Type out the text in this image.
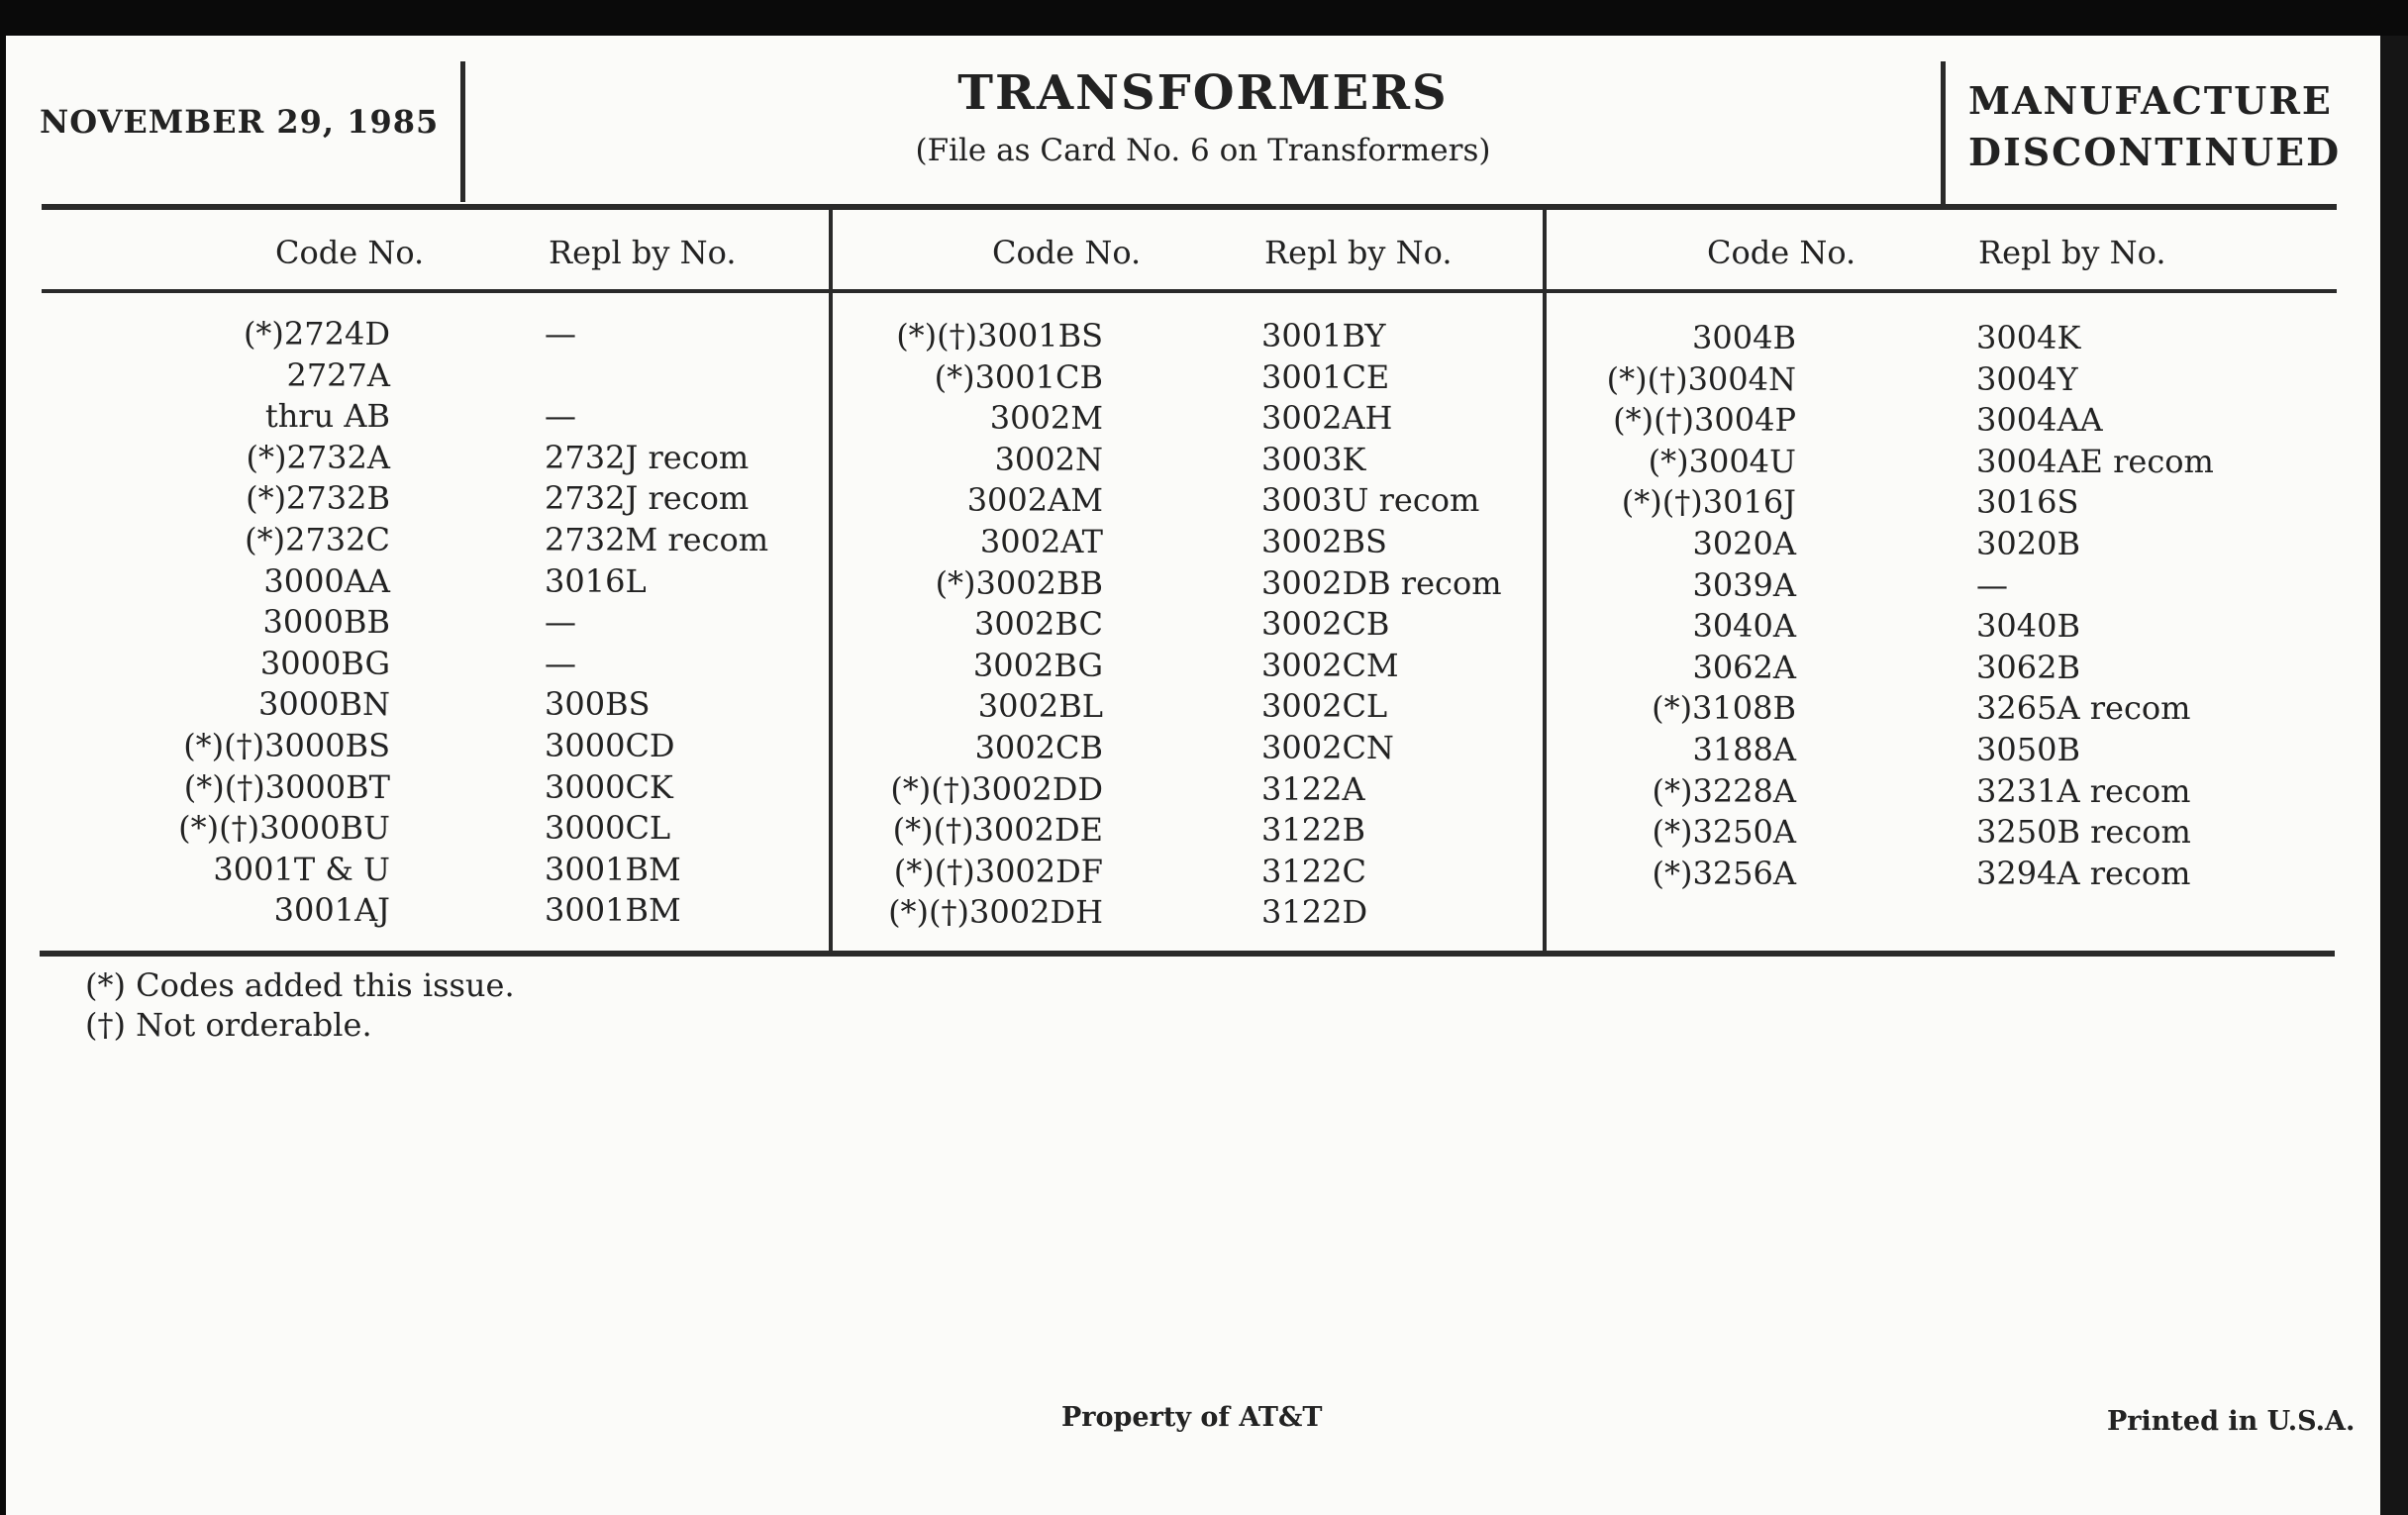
NOVEMBER 29, 1985
TRANSFORMERS
(File as Card No. 6 on Transformers)
MANUFACTURE
DISCONTINUED
Code No.	Repl by No.	Code No.	Repl by No.	Code No.	Repl by No.
(*)2724D	—
2727A
thru AB	—
(*)2732A	2732J recom
(*)2732B	2732J recom
(*)2732C	2732M recom
3000AA	3016L
3000BB	—
3000BG	—
3000BN	300BS
(*)(†)3000BS	3000CD
(*)(†)3000BT	3000CK
(*)(†)3000BU	3000CL
3001T & U	3001BM
3001AJ	3001BM
(*)(†)3001BS	3001BY
(*)3001CB	3001CE
3002M	3002AH
3002N	3003K
3002AM	3003U recom
3002AT	3002BS
(*)3002BB	3002DB recom
3002BC	3002CB
3002BG	3002CM
3002BL	3002CL
3002CB	3002CN
(*)(†)3002DD	3122A
(*)(†)3002DE	3122B
(*)(†)3002DF	3122C
(*)(†)3002DH	3122D
3004B	3004K
(*)(†)3004N	3004Y
(*)(†)3004P	3004AA
(*)3004U	3004AE recom
(*)(†)3016J	3016S
3020A	3020B
3039A	—
3040A	3040B
3062A	3062B
(*)3108B	3265A recom
3188A	3050B
(*)3228A	3231A recom
(*)3250A	3250B recom
(*)3256A	3294A recom
(*) Codes added this issue.
(†) Not orderable.
Property of AT&T	Printed in U.S.A.
